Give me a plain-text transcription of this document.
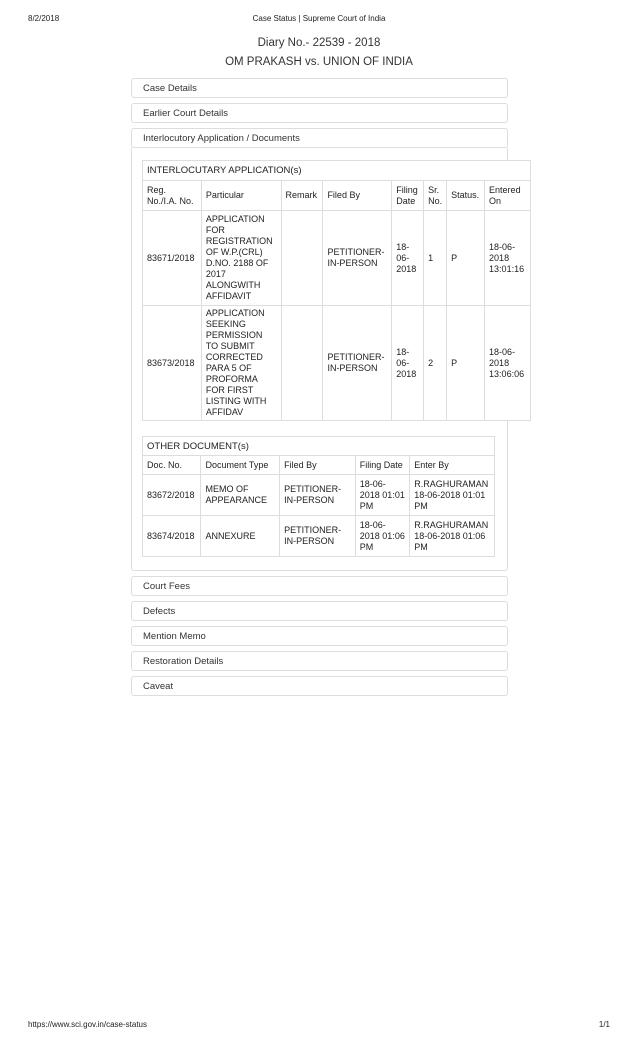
8/2/2018	Case Status | Supreme Court of India
Diary No.- 22539 - 2018
OM PRAKASH vs. UNION OF INDIA
Case Details
Earlier Court Details
Interlocutory Application / Documents
INTERLOCUTARY APPLICATION(s)							
Reg. No./I.A. No.	Particular	Remark	Filed By	Filing Date	Sr. No.	Status.	Entered On
83671/2018	APPLICATION FOR REGISTRATION OF W.P.(CRL) D.NO. 2188 OF 2017 ALONGWITH AFFIDAVIT		PETITIONER-IN-PERSON	18-06-2018	1	P	18-06-2018 13:01:16
83673/2018	APPLICATION SEEKING PERMISSION TO SUBMIT CORRECTED PARA 5 OF PROFORMA FOR FIRST LISTING WITH AFFIDAV		PETITIONER-IN-PERSON	18-06-2018	2	P	18-06-2018 13:06:06
OTHER DOCUMENT(s)				
Doc. No.	Document Type	Filed By	Filing Date	Enter By
83672/2018	MEMO OF APPEARANCE	PETITIONER-IN-PERSON	18-06-2018 01:01 PM	R.RAGHURAMAN 18-06-2018 01:01 PM
83674/2018	ANNEXURE	PETITIONER-IN-PERSON	18-06-2018 01:06 PM	R.RAGHURAMAN 18-06-2018 01:06 PM
Court Fees
Defects
Mention Memo
Restoration Details
Caveat
https://www.sci.gov.in/case-status	1/1
